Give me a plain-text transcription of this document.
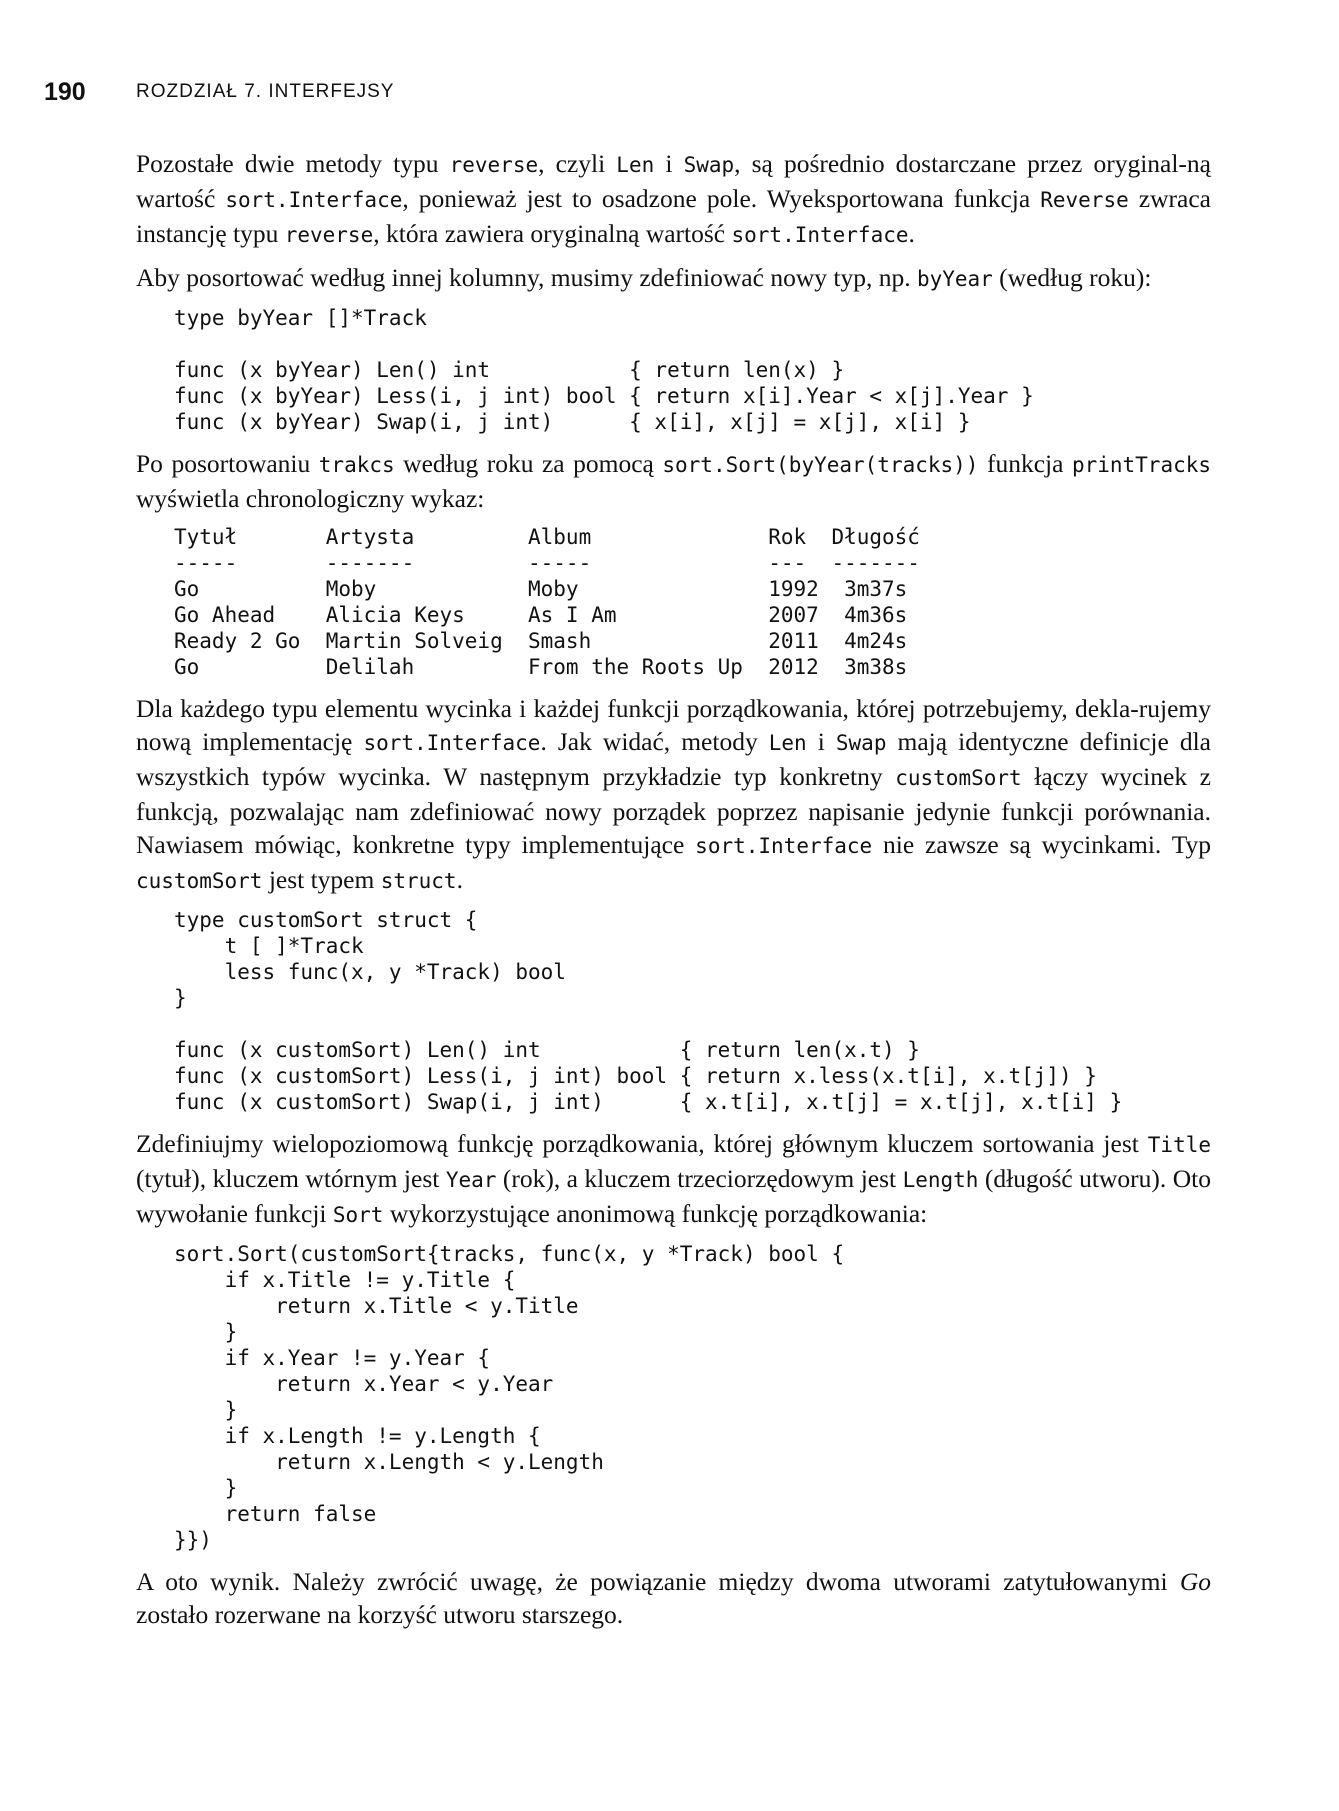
190	ROZDZIAŁ 7. INTERFEJSY

Pozostałe dwie metody typu reverse, czyli Len i Swap, są pośrednio dostarczane przez oryginal-ną wartość sort.Interface, ponieważ jest to osadzone pole. Wyeksportowana funkcja Reverse zwraca instancję typu reverse, która zawiera oryginalną wartość sort.Interface.

Aby posortować według innej kolumny, musimy zdefiniować nowy typ, np. byYear (według roku):

type byYear []*Track

func (x byYear) Len() int           { return len(x) }
func (x byYear) Less(i, j int) bool { return x[i].Year < x[j].Year }
func (x byYear) Swap(i, j int)      { x[i], x[j] = x[j], x[i] }

Po posortowaniu trakcs według roku za pomocą sort.Sort(byYear(tracks)) funkcja printTracks wyświetla chronologiczny wykaz:

Tytuł       Artysta         Album              Rok  Długość
-----       -------         -----              ---  -------
Go          Moby            Moby               1992  3m37s
Go Ahead    Alicia Keys     As I Am            2007  4m36s
Ready 2 Go  Martin Solveig  Smash              2011  4m24s
Go          Delilah         From the Roots Up  2012  3m38s

Dla każdego typu elementu wycinka i każdej funkcji porządkowania, której potrzebujemy, dekla-rujemy nową implementację sort.Interface. Jak widać, metody Len i Swap mają identyczne definicje dla wszystkich typów wycinka. W następnym przykładzie typ konkretny customSort łączy wycinek z funkcją, pozwalając nam zdefiniować nowy porządek poprzez napisanie jedynie funkcji porównania. Nawiasem mówiąc, konkretne typy implementujące sort.Interface nie zawsze są wycinkami. Typ customSort jest typem struct.

type customSort struct {
t [ ]*Track
less func(x, y *Track) bool
}

func (x customSort) Len() int           { return len(x.t) }
func (x customSort) Less(i, j int) bool { return x.less(x.t[i], x.t[j]) }
func (x customSort) Swap(i, j int)      { x.t[i], x.t[j] = x.t[j], x.t[i] }

Zdefiniujmy wielopoziomową funkcję porządkowania, której głównym kluczem sortowania jest Title (tytuł), kluczem wtórnym jest Year (rok), a kluczem trzeciorzędowym jest Length (długość utworu). Oto wywołanie funkcji Sort wykorzystujące anonimową funkcję porządkowania:

sort.Sort(customSort{tracks, func(x, y *Track) bool {
if x.Title != y.Title {
return x.Title < y.Title
}
if x.Year != y.Year {
return x.Year < y.Year
}
if x.Length != y.Length {
return x.Length < y.Length
}
return false
}})

A oto wynik. Należy zwrócić uwagę, że powiązanie między dwoma utworami zatytułowanymi Go zostało rozerwane na korzyść utworu starszego.
